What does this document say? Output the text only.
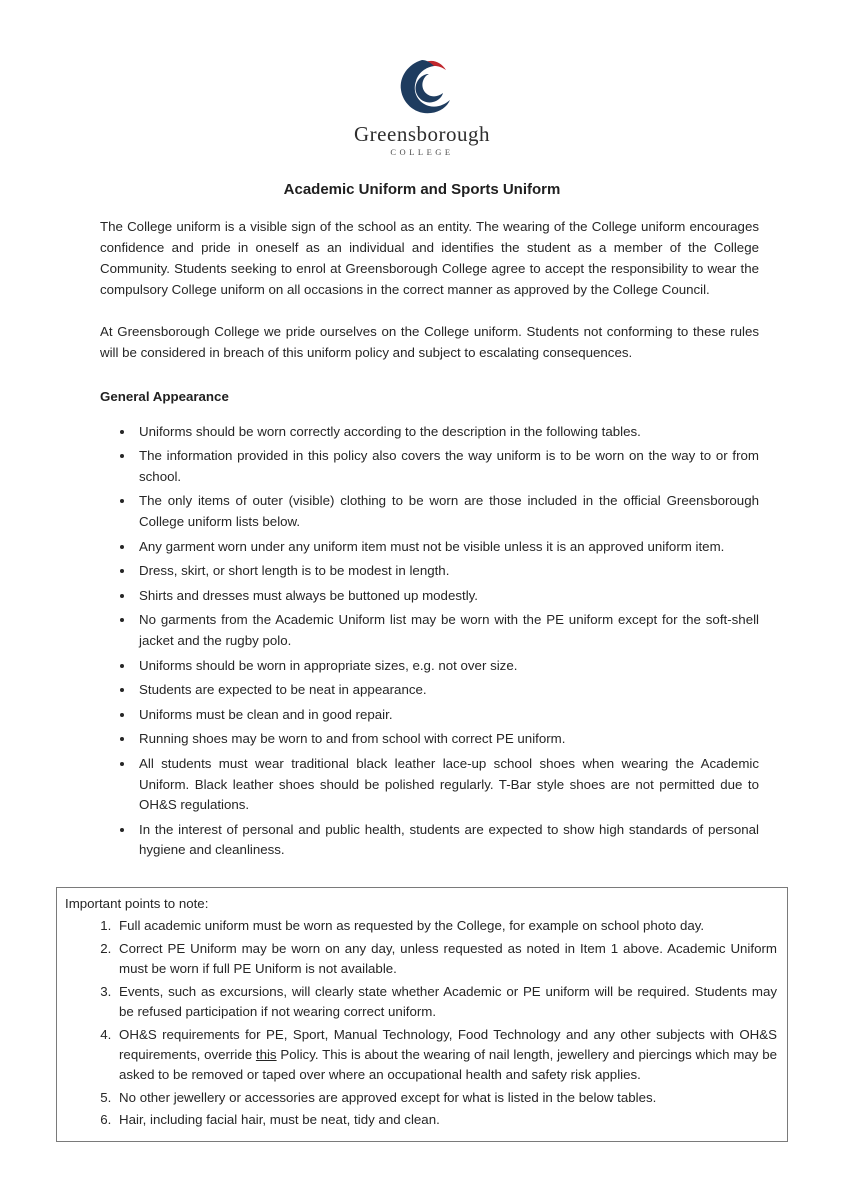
Greensborough
COLLEGE
Academic Uniform and Sports Uniform

The College uniform is a visible sign of the school as an entity. The wearing of the College uniform encourages confidence and pride in oneself as an individual and identifies the student as a member of the College Community. Students seeking to enrol at Greensborough College agree to accept the responsibility to wear the compulsory College uniform on all occasions in the correct manner as approved by the College Council.

At Greensborough College we pride ourselves on the College uniform. Students not conforming to these rules will be considered in breach of this uniform policy and subject to escalating consequences.

General Appearance
• Uniforms should be worn correctly according to the description in the following tables.
• The information provided in this policy also covers the way uniform is to be worn on the way to or from school.
• The only items of outer (visible) clothing to be worn are those included in the official Greensborough College uniform lists below.
• Any garment worn under any uniform item must not be visible unless it is an approved uniform item.
• Dress, skirt, or short length is to be modest in length.
• Shirts and dresses must always be buttoned up modestly.
• No garments from the Academic Uniform list may be worn with the PE uniform except for the soft-shell jacket and the rugby polo.
• Uniforms should be worn in appropriate sizes, e.g. not over size.
• Students are expected to be neat in appearance.
• Uniforms must be clean and in good repair.
• Running shoes may be worn to and from school with correct PE uniform.
• All students must wear traditional black leather lace-up school shoes when wearing the Academic Uniform. Black leather shoes should be polished regularly. T-Bar style shoes are not permitted due to OH&S regulations.
• In the interest of personal and public health, students are expected to show high standards of personal hygiene and cleanliness.
Important points to note:
1. Full academic uniform must be worn as requested by the College, for example on school photo day.
2. Correct PE Uniform may be worn on any day, unless requested as noted in Item 1 above. Academic Uniform must be worn if full PE Uniform is not available.
3. Events, such as excursions, will clearly state whether Academic or PE uniform will be required. Students may be refused participation if not wearing correct uniform.
4. OH&S requirements for PE, Sport, Manual Technology, Food Technology and any other subjects with OH&S requirements, override this Policy. This is about the wearing of nail length, jewellery and piercings which may be asked to be removed or taped over where an occupational health and safety risk applies.
5. No other jewellery or accessories are approved except for what is listed in the below tables.
6. Hair, including facial hair, must be neat, tidy and clean.
